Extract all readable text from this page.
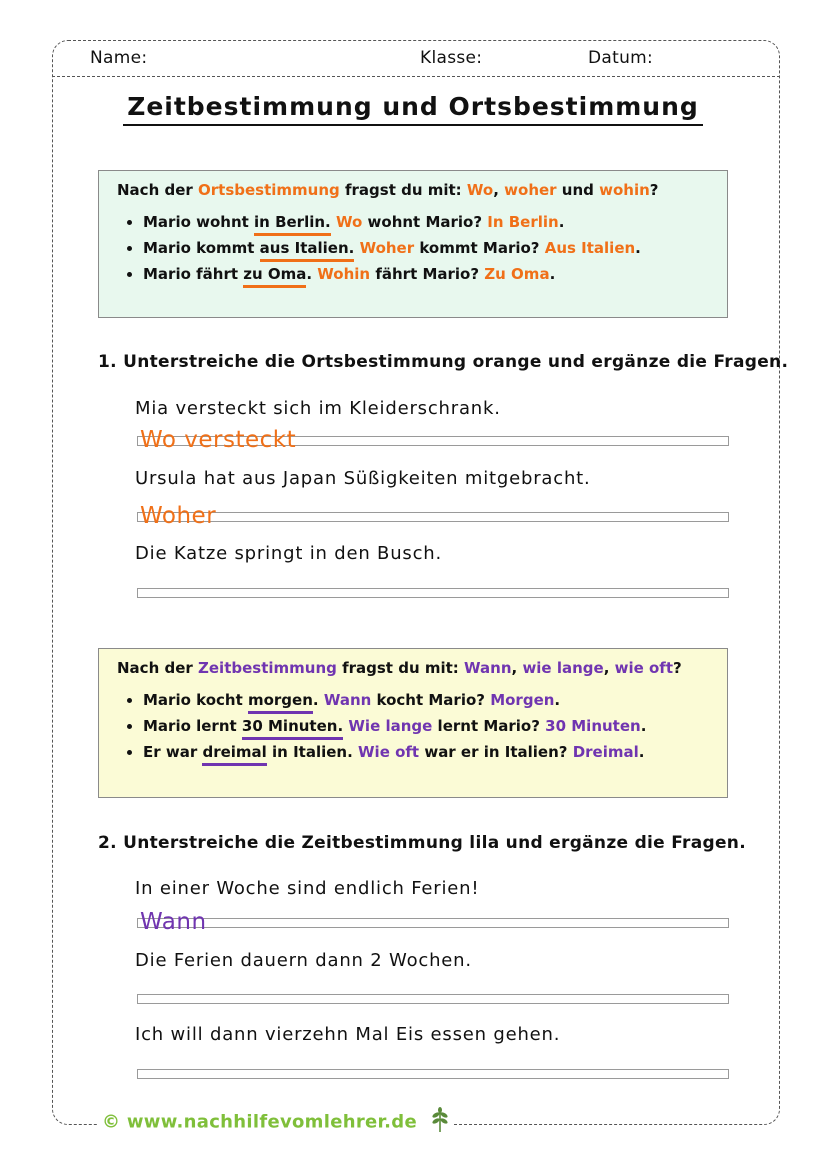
Name:	Klasse:	Datum:
Zeitbestimmung und Ortsbestimmung
Nach der Ortsbestimmung fragst du mit: Wo, woher und wohin?
• Mario wohnt in Berlin. Wo wohnt Mario? In Berlin.
• Mario kommt aus Italien. Woher kommt Mario? Aus Italien.
• Mario fährt zu Oma. Wohin fährt Mario? Zu Oma.
1. Unterstreiche die Ortsbestimmung orange und ergänze die Fragen.
Mia versteckt sich im Kleiderschrank.
Wo versteckt
Ursula hat aus Japan Süßigkeiten mitgebracht.
Woher
Die Katze springt in den Busch.
Nach der Zeitbestimmung fragst du mit: Wann, wie lange, wie oft?
• Mario kocht morgen. Wann kocht Mario? Morgen.
• Mario lernt 30 Minuten. Wie lange lernt Mario? 30 Minuten.
• Er war dreimal in Italien. Wie oft war er in Italien? Dreimal.
2. Unterstreiche die Zeitbestimmung lila und ergänze die Fragen.
In einer Woche sind endlich Ferien!
Wann
Die Ferien dauern dann 2 Wochen.
Ich will dann vierzehn Mal Eis essen gehen.
© www.nachhilfevomlehrer.de
